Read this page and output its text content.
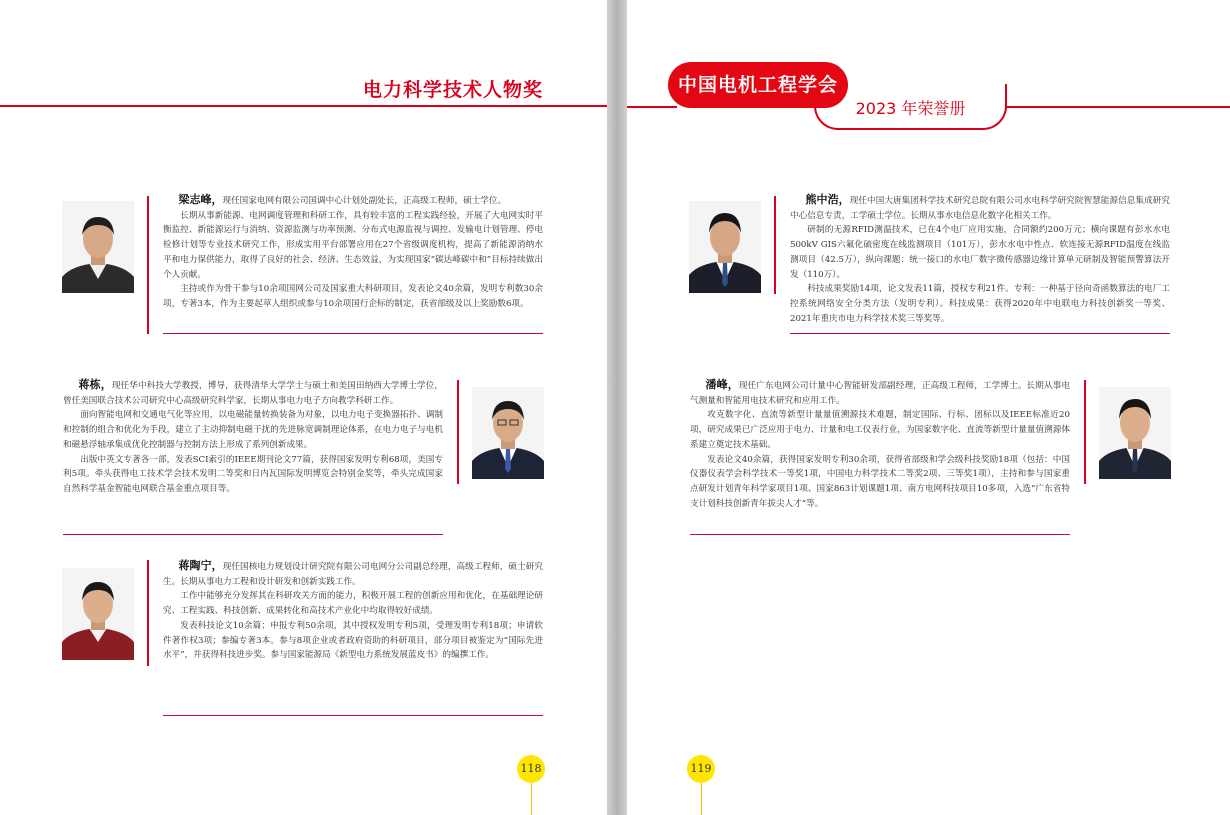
电力科学技术人物奖

梁志峰，现任国家电网有限公司国调中心计划处副处长，正高级工程师，硕士学位。

长期从事新能源、电网调度管理和科研工作，具有较丰富的工程实践经验，开展了大电网实时平衡监控、新能源运行与消纳、资源监测与功率预测、分布式电源监视与调控、发输电计划管理、停电检修计划等专业技术研究工作，形成实用平台部署应用在27个省级调度机构，提高了新能源消纳水平和电力保供能力，取得了良好的社会、经济、生态效益，为实现国家“碳达峰碳中和”目标持续做出个人贡献。

主持或作为骨干参与10余项国网公司及国家重大科研项目，发表论文40余篇，发明专利数30余项，专著3本，作为主要起草人组织或参与10余项国行企标的制定，获省部级及以上奖励数6项。

蒋栋，现任华中科技大学教授，博导，获得清华大学学士与硕士和美国田纳西大学博士学位，曾任美国联合技术公司研究中心高级研究科学家，长期从事电力电子方向教学科研工作。

面向智能电网和交通电气化等应用，以电磁能量转换装备为对象，以电力电子变换器拓扑、调制和控制的组合和优化为手段，建立了主动抑制电磁干扰的先进脉宽调制理论体系，在电力电子与电机和磁悬浮轴承集成优化控制器与控制方法上形成了系列创新成果。

出版中英文专著各一部，发表SCI索引的IEEE期刊论文77篇，获得国家发明专利68项，美国专利5项。牵头获得电工技术学会技术发明二等奖和日内瓦国际发明博览会特别金奖等，牵头完成国家自然科学基金智能电网联合基金重点项目等。

蒋陶宁，现任国核电力规划设计研究院有限公司电网分公司副总经理，高级工程师，硕士研究生。长期从事电力工程和设计研发和创新实践工作。

工作中能够充分发挥其在科研攻关方面的能力，积极开展工程的创新应用和优化，在基础理论研究、工程实践、科技创新、成果转化和高技术产业化中均取得较好成绩。

发表科技论文10余篇；申报专利50余项，其中授权发明专利5项，受理发明专利18项；申请软件著作权3项；参编专著3本。参与8项企业或者政府资助的科研项目，部分项目被鉴定为“国际先进水平”，并获得科技进步奖。参与国家能源局《新型电力系统发展蓝皮书》的编撰工作。

118
中国电机工程学会
2023 年荣誉册

熊中浩，现任中国大唐集团科学技术研究总院有限公司水电科学研究院智慧能源信息集成研究中心信息专责，工学硕士学位。长期从事水电信息化数字化相关工作。

研制的无源RFID测温技术，已在4个电厂应用实施，合同额约200万元；横向课题有彭水水电500kV GIS六氟化硫密度在线监测项目（101万），彭水水电中性点、软连接无源RFID温度在线监测项目（42.5万），纵向课题：统一接口的水电厂数字微传感器边缘计算单元研制及智能预警算法开发（110万）。

科技成果奖励14项，论文发表11篇，授权专利21件。专利：一种基于径向奇函数算法的电厂工控系统网络安全分类方法（发明专利）。科技成果：获得2020年中电联电力科技创新奖一等奖、2021年重庆市电力科学技术奖三等奖等。

潘峰，现任广东电网公司计量中心智能研发部副经理，正高级工程师，工学博士。长期从事电气测量和智能用电技术研究和应用工作。

攻克数字化、直流等新型计量量值溯源技术难题，制定国际、行标、团标以及IEEE标准近20项，研究成果已广泛应用于电力、计量和电工仪表行业，为国家数字化、直流等新型计量量值溯源体系建立奠定技术基础。

发表论文40余篇，获得国家发明专利30余项，获得省部级和学会级科技奖励18项（包括：中国仪器仪表学会科学技术一等奖1项，中国电力科学技术二等奖2项、三等奖1项），主持和参与国家重点研发计划青年科学家项目1项、国家863计划课题1项、南方电网科技项目10多项，入选“广东省特支计划科技创新青年拔尖人才”等。

119
